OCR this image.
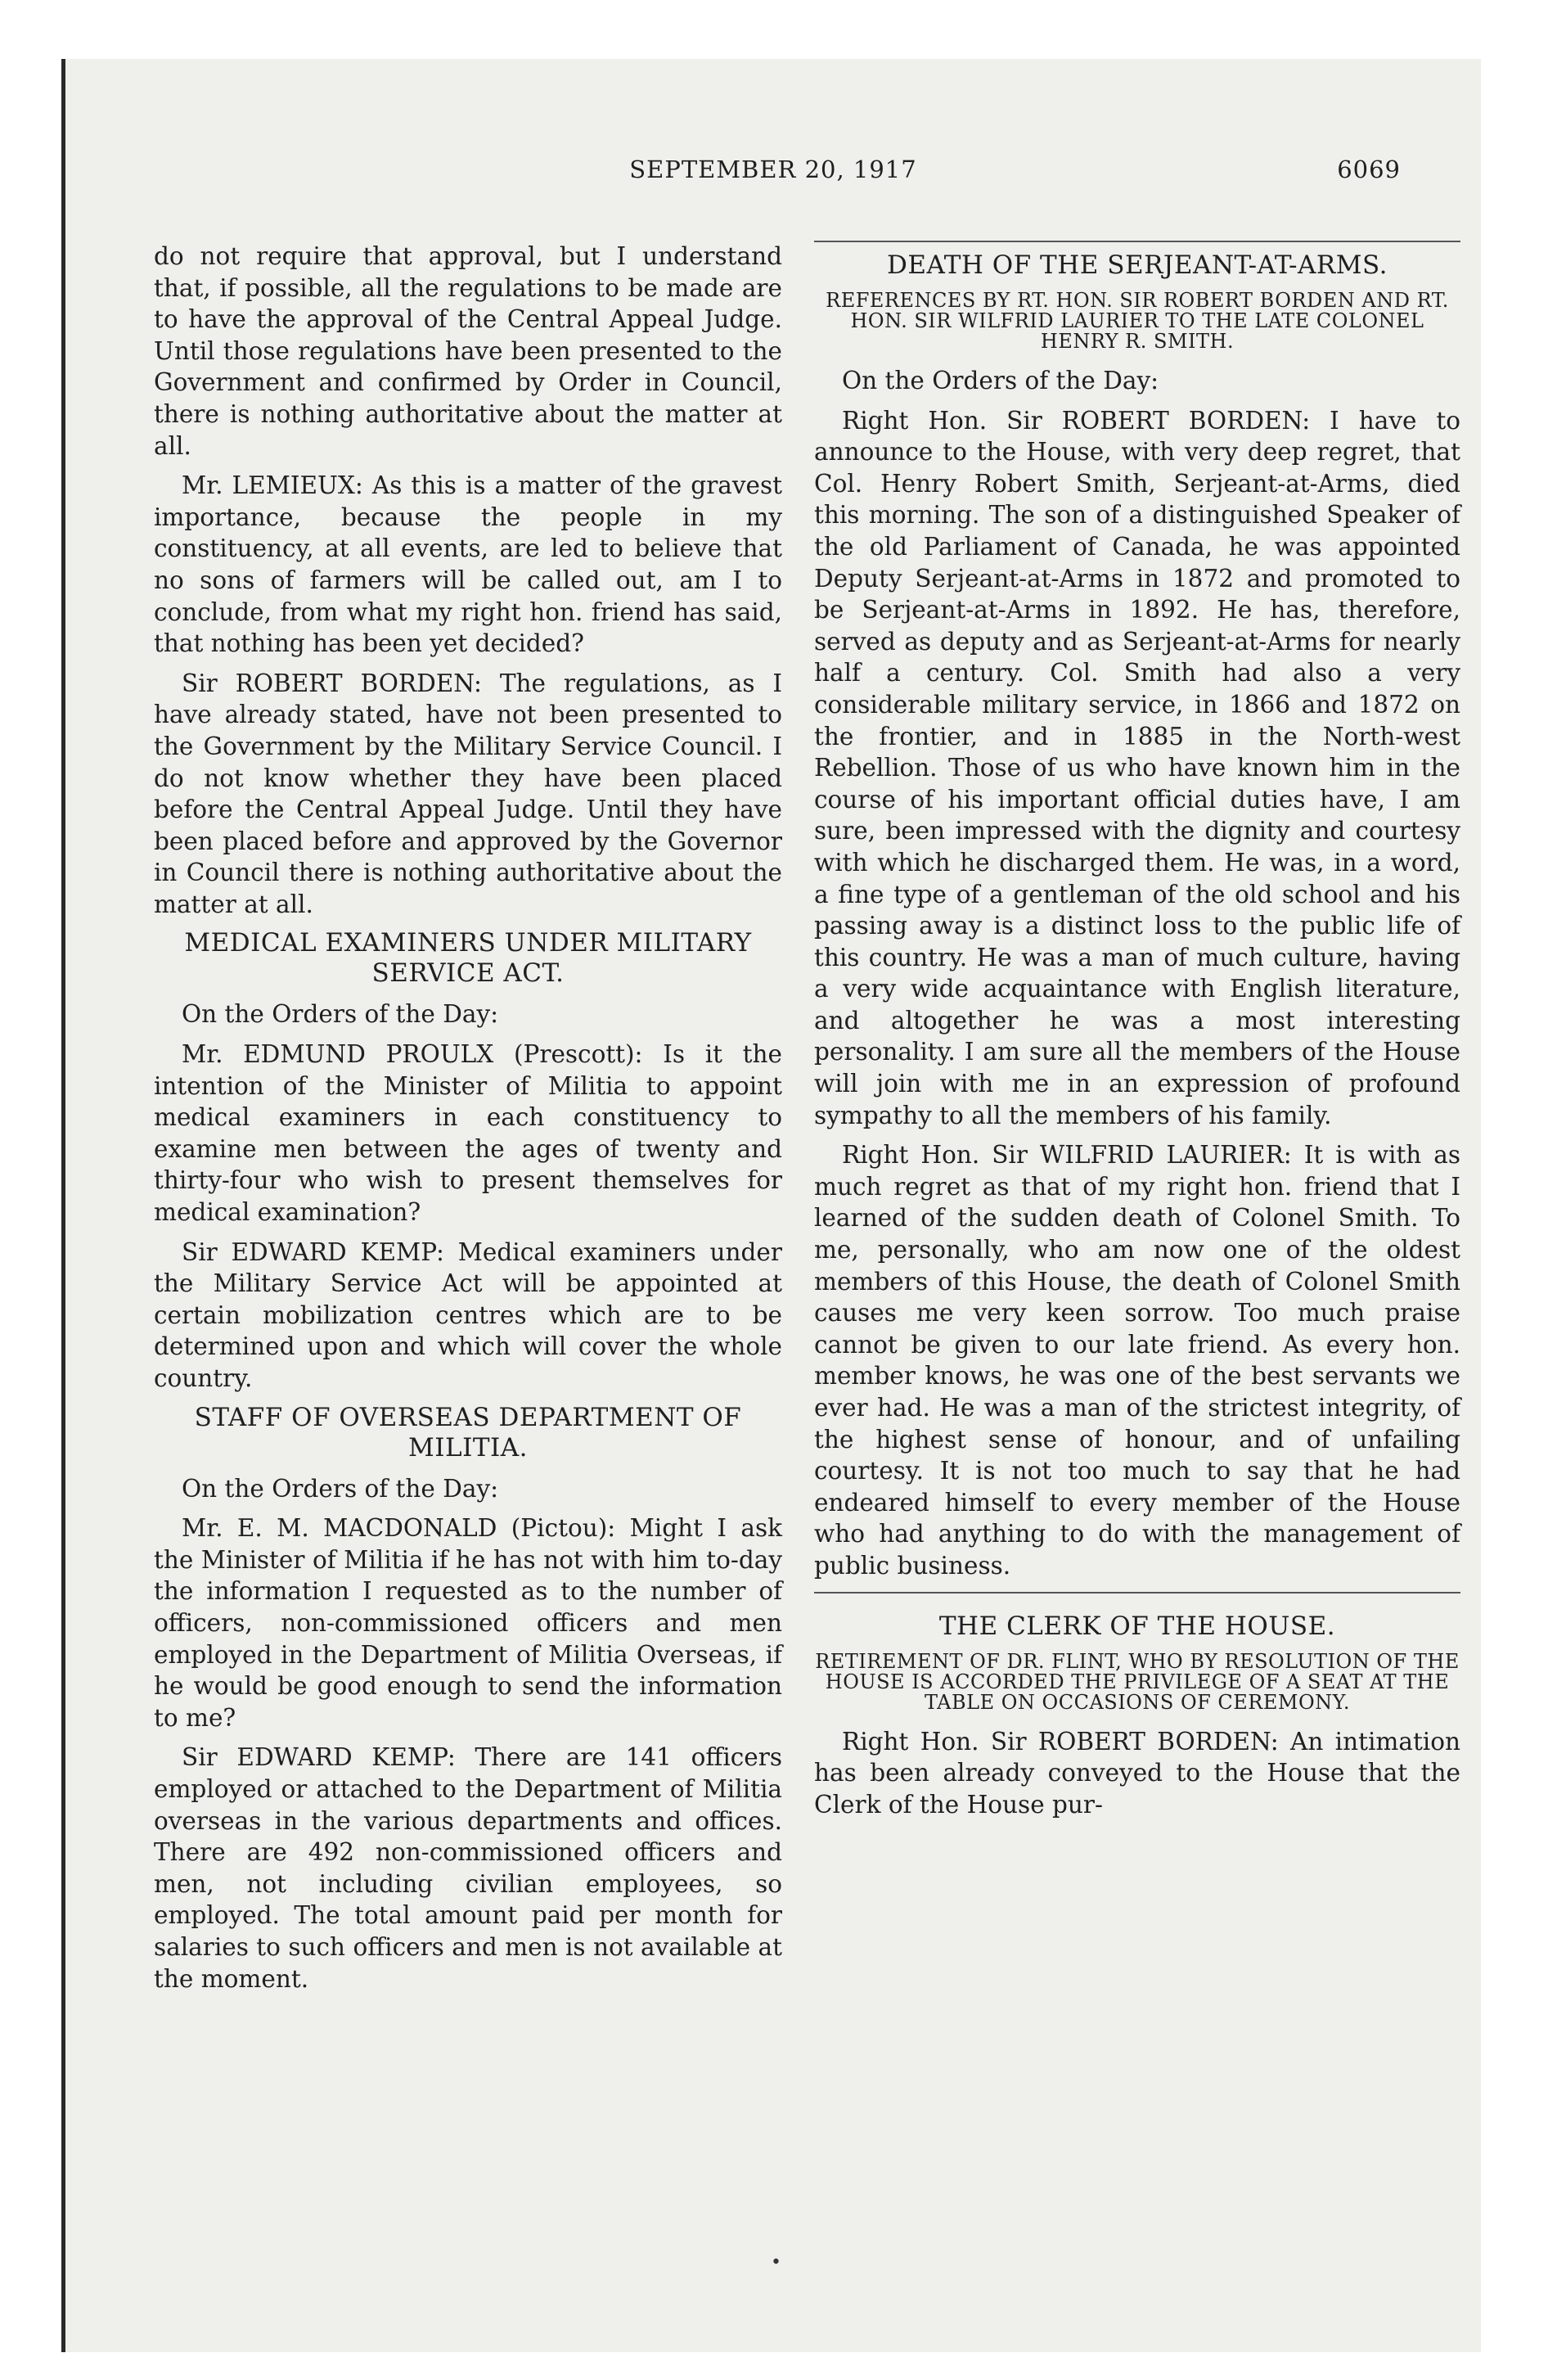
SEPTEMBER 20, 1917	6069

do not require that approval, but I understand that, if possible, all the regulations to be made are to have the approval of the Central Appeal Judge. Until those regulations have been presented to the Government and confirmed by Order in Council, there is nothing authoritative about the matter at all.

Mr. LEMIEUX: As this is a matter of the gravest importance, because the people in my constituency, at all events, are led to believe that no sons of farmers will be called out, am I to conclude, from what my right hon. friend has said, that nothing has been yet decided?

Sir ROBERT BORDEN: The regulations, as I have already stated, have not been presented to the Government by the Military Service Council. I do not know whether they have been placed before the Central Appeal Judge. Until they have been placed before and approved by the Governor in Council there is nothing authoritative about the matter at all.

MEDICAL EXAMINERS UNDER MILITARY SERVICE ACT.

On the Orders of the Day:

Mr. EDMUND PROULX (Prescott): Is it the intention of the Minister of Militia to appoint medical examiners in each constituency to examine men between the ages of twenty and thirty-four who wish to present themselves for medical examination?

Sir EDWARD KEMP: Medical examiners under the Military Service Act will be appointed at certain mobilization centres which are to be determined upon and which will cover the whole country.

STAFF OF OVERSEAS DEPARTMENT OF MILITIA.

On the Orders of the Day:

Mr. E. M. MACDONALD (Pictou): Might I ask the Minister of Militia if he has not with him to-day the information I requested as to the number of officers, non-commissioned officers and men employed in the Department of Militia Overseas, if he would be good enough to send the information to me?

Sir EDWARD KEMP: There are 141 officers employed or attached to the Department of Militia overseas in the various departments and offices. There are 492 non-commissioned officers and men, not including civilian employees, so employed. The total amount paid per month for salaries to such officers and men is not available at the moment.

DEATH OF THE SERJEANT-AT-ARMS.
REFERENCES BY RT. HON. SIR ROBERT BORDEN AND RT. HON. SIR WILFRID LAURIER TO THE LATE COLONEL HENRY R. SMITH.

On the Orders of the Day:

Right Hon. Sir ROBERT BORDEN: I have to announce to the House, with very deep regret, that Col. Henry Robert Smith, Serjeant-at-Arms, died this morning. The son of a distinguished Speaker of the old Parliament of Canada, he was appointed Deputy Serjeant-at-Arms in 1872 and promoted to be Serjeant-at-Arms in 1892. He has, therefore, served as deputy and as Serjeant-at-Arms for nearly half a century. Col. Smith had also a very considerable military service, in 1866 and 1872 on the frontier, and in 1885 in the North-west Rebellion. Those of us who have known him in the course of his important official duties have, I am sure, been impressed with the dignity and courtesy with which he discharged them. He was, in a word, a fine type of a gentleman of the old school and his passing away is a distinct loss to the public life of this country. He was a man of much culture, having a very wide acquaintance with English literature, and altogether he was a most interesting personality. I am sure all the members of the House will join with me in an expression of profound sympathy to all the members of his family.

Right Hon. Sir WILFRID LAURIER: It is with as much regret as that of my right hon. friend that I learned of the sudden death of Colonel Smith. To me, personally, who am now one of the oldest members of this House, the death of Colonel Smith causes me very keen sorrow. Too much praise cannot be given to our late friend. As every hon. member knows, he was one of the best servants we ever had. He was a man of the strictest integrity, of the highest sense of honour, and of unfailing courtesy. It is not too much to say that he had endeared himself to every member of the House who had anything to do with the management of public business.

THE CLERK OF THE HOUSE.
RETIREMENT OF DR. FLINT, WHO BY RESOLUTION OF THE HOUSE IS ACCORDED THE PRIVILEGE OF A SEAT AT THE TABLE ON OCCASIONS OF CEREMONY.

Right Hon. Sir ROBERT BORDEN: An intimation has been already conveyed to the House that the Clerk of the House pur-

•
